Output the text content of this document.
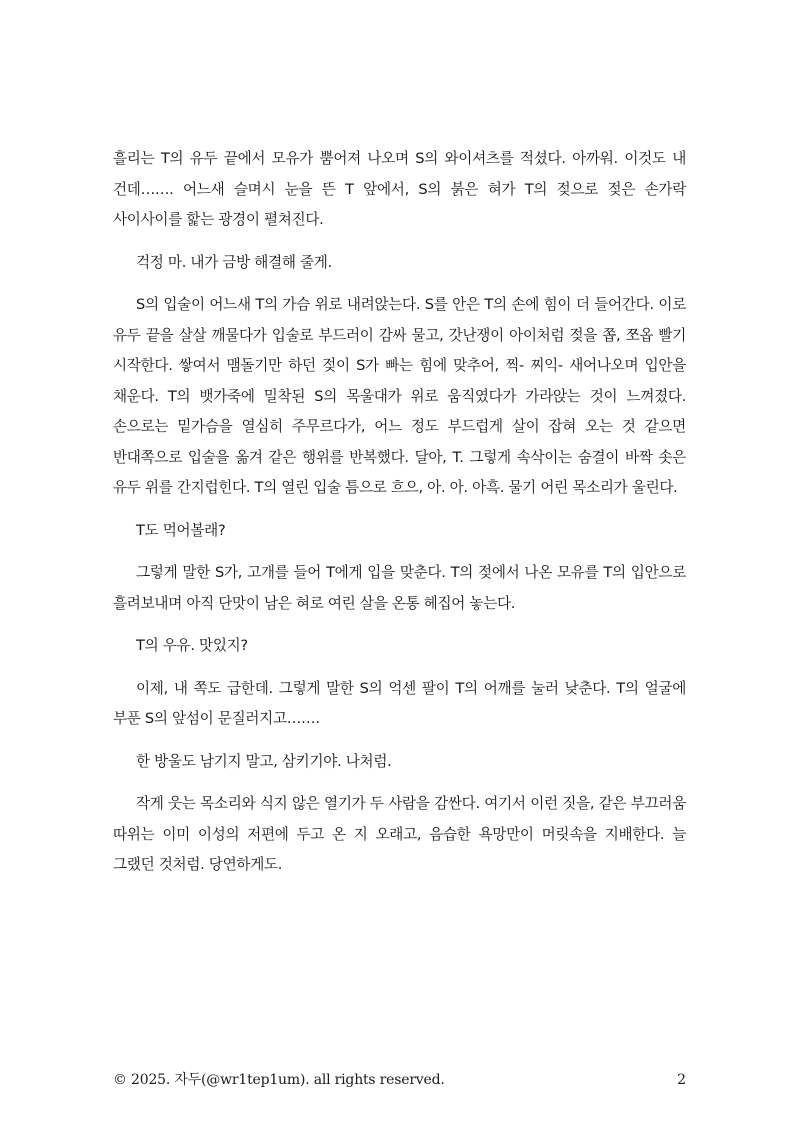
흘리는 T의 유두 끝에서 모유가 뿜어져 나오며 S의 와이셔츠를 적셨다. 아까워. 이것도 내 건데……. 어느새 슬며시 눈을 뜬 T 앞에서, S의 붉은 혀가 T의 젖으로 젖은 손가락 사이사이를 핥는 광경이 펼쳐진다.

걱정 마. 내가 금방 해결해 줄게.

S의 입술이 어느새 T의 가슴 위로 내려앉는다. S를 안은 T의 손에 힘이 더 들어간다. 이로 유두 끝을 살살 깨물다가 입술로 부드러이 감싸 물고, 갓난쟁이 아이처럼 젖을 쫍, 쪼옵 빨기 시작한다. 쌓여서 맴돌기만 하던 젖이 S가 빠는 힘에 맞추어, 찍- 찌익- 새어나오며 입안을 채운다. T의 뱃가죽에 밀착된 S의 목울대가 위로 움직였다가 가라앉는 것이 느껴졌다. 손으로는 밑가슴을 열심히 주무르다가, 어느 정도 부드럽게 살이 잡혀 오는 것 같으면 반대쪽으로 입술을 옮겨 같은 행위를 반복했다. 달아, T. 그렇게 속삭이는 숨결이 바짝 솟은 유두 위를 간지럽힌다. T의 열린 입술 틈으로 흐으, 아. 아. 아흑. 물기 어린 목소리가 울린다.

T도 먹어볼래?

그렇게 말한 S가, 고개를 들어 T에게 입을 맞춘다. T의 젖에서 나온 모유를 T의 입안으로 흘려보내며 아직 단맛이 남은 혀로 여린 살을 온통 헤집어 놓는다.

T의 우유. 맛있지?

이제, 내 쪽도 급한데. 그렇게 말한 S의 억센 팔이 T의 어깨를 눌러 낮춘다. T의 얼굴에 부푼 S의 앞섬이 문질러지고…….

한 방울도 남기지 말고, 삼키기야. 나처럼.

작게 웃는 목소리와 식지 않은 열기가 두 사람을 감싼다. 여기서 이런 짓을, 같은 부끄러움 따위는 이미 이성의 저편에 두고 온 지 오래고, 음습한 욕망만이 머릿속을 지배한다. 늘 그랬던 것처럼. 당연하게도.

© 2025. 자두(@wr1tep1um). all rights reserved.	2
